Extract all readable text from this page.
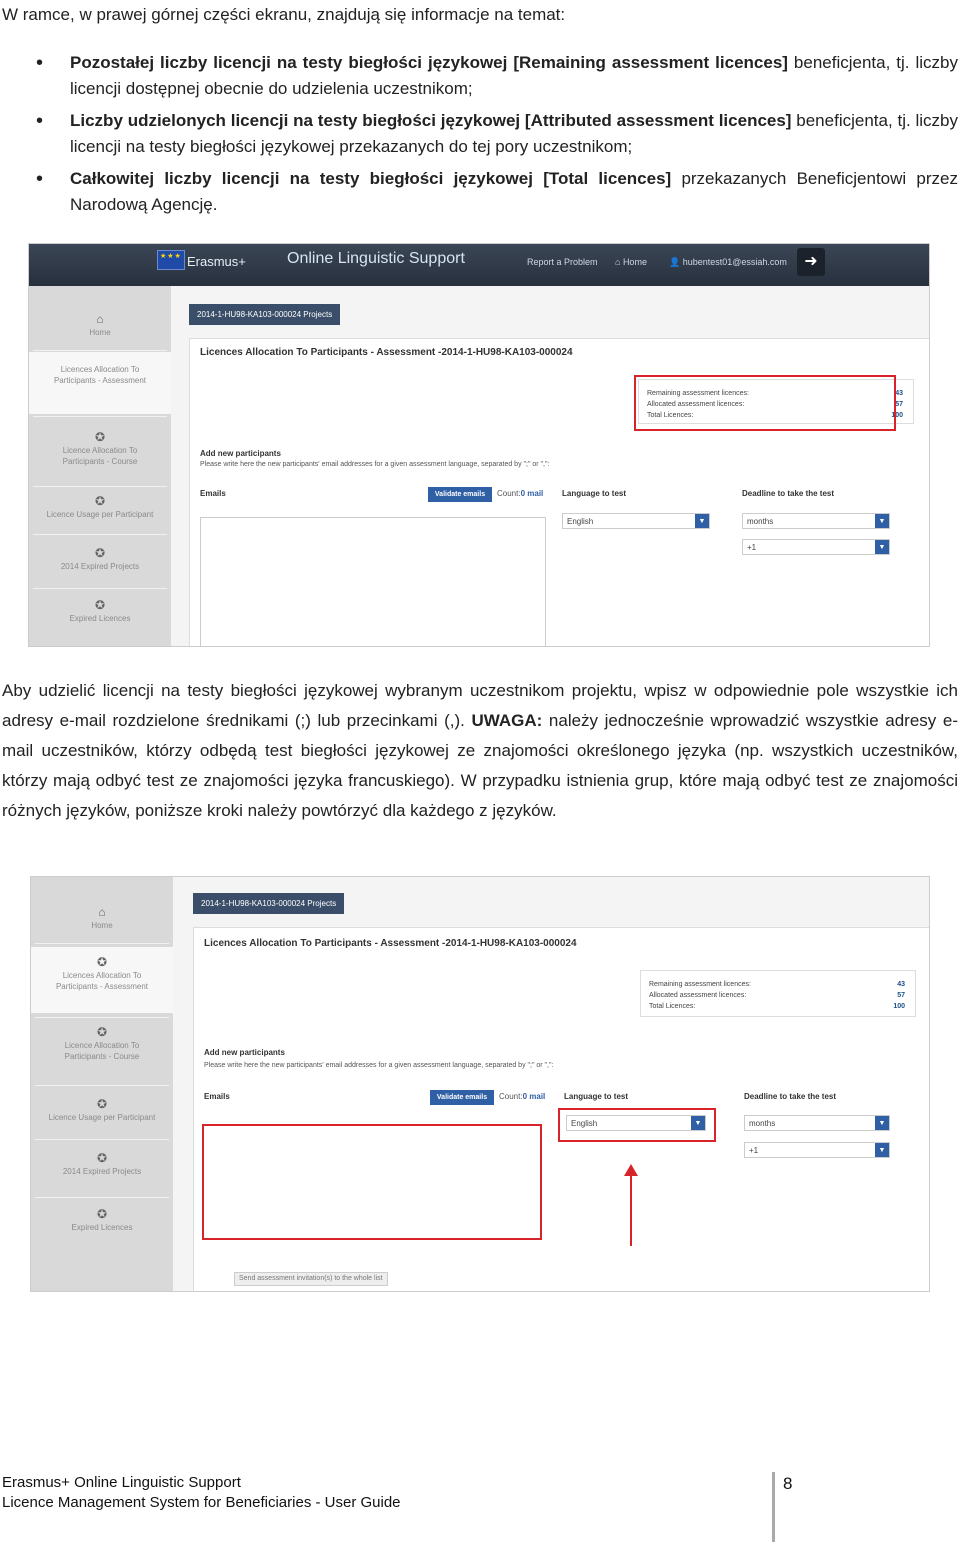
W ramce, w prawej górnej części ekranu, znajdują się informacje na temat:
• Pozostałej liczby licencji na testy biegłości językowej [Remaining assessment licences] beneficjenta, tj. liczby licencji dostępnej obecnie do udzielenia uczestnikom;
• Liczby udzielonych licencji na testy biegłości językowej [Attributed assessment licences] beneficjenta, tj. liczby licencji na testy biegłości językowej przekazanych do tej pory uczestnikom;
• Całkowitej liczby licencji na testy biegłości językowej [Total licences] przekazanych Beneficjentowi przez Narodową Agencję.
★★★
Erasmus+	Online Linguistic Support	Report a Problem ⌂ Home 👤 hubentest01@essiah.com	➜
⌂
Home
Licences Allocation To Participants - Assessment
✪
Licence Allocation To Participants - Course
✪
Licence Usage per Participant
✪
2014 Expired Projects
✪
Expired Licences
2014-1-HU98-KA103-000024 Projects
Licences Allocation To Participants - Assessment -2014-1-HU98-KA103-000024
Remaining assessment licences:	43
Allocated assessment licences:	57
Total Licences:	100
Add new participants
Please write here the new participants' email addresses for a given assessment language, separated by ";" or ",":
Emails	Validate emails	Count:0 mail Language to test	Deadline to take the test
English	▼	months	▼
+1	▼
Aby udzielić licencji na testy biegłości językowej wybranym uczestnikom projektu, wpisz w odpowiednie pole wszystkie ich adresy e-mail rozdzielone średnikami (;) lub przecinkami (,). UWAGA: należy jednocześnie wprowadzić wszystkie adresy e-mail uczestników, którzy odbędą test biegłości językowej ze znajomości określonego języka (np. wszystkich uczestników, którzy mają odbyć test ze znajomości języka francuskiego). W przypadku istnienia grup, które mają odbyć test ze znajomości różnych języków, poniższe kroki należy powtórzyć dla każdego z języków.
⌂
Home
✪
Licences Allocation To Participants - Assessment
✪
Licence Allocation To Participants - Course
✪
Licence Usage per Participant
✪
2014 Expired Projects
✪
Expired Licences
2014-1-HU98-KA103-000024 Projects
Licences Allocation To Participants - Assessment -2014-1-HU98-KA103-000024
Remaining assessment licences:	43
Allocated assessment licences:	57
Total Licences:	100
Add new participants
Please write here the new participants' email addresses for a given assessment language, separated by ";" or ",":
Emails	Validate emails	Count:0 mail Language to test	Deadline to take the test
English	▼	months	▼
+1	▼
Send assessment invitation(s) to the whole list
Erasmus+ Online Linguistic Support
Licence Management System for Beneficiaries - User Guide
8
